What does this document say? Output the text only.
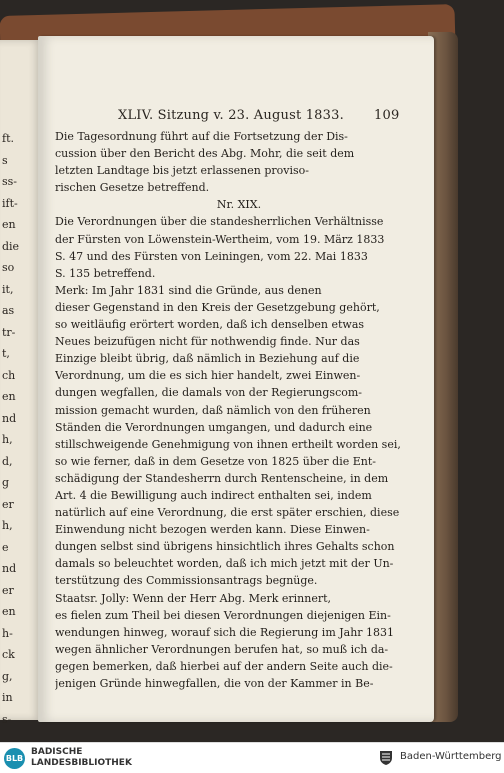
ft.
s
ss-
ift-
en
die
so
it,
as
tr-
t,
ch
en
nd
h,
d,
g
er
h,
e
nd
er
en
h-
ck
g,
in
s-
XLIV. Sitzung v. 23. August 1833. 109
Die Tagesordnung führt auf die Fortsetzung der Dis-
cussion über den Bericht des Abg. Mohr, die seit dem
letzten Landtage bis jetzt erlassenen proviso-
rischen Gesetze betreffend.
Nr. XIX.
Die Verordnungen über die standesherrlichen Verhältnisse
der Fürsten von Löwenstein-Wertheim, vom 19. März 1833
S. 47 und des Fürsten von Leiningen, vom 22. Mai 1833
S. 135 betreffend.
Merk: Im Jahr 1831 sind die Gründe, aus denen
dieser Gegenstand in den Kreis der Gesetzgebung gehört,
so weitläufig erörtert worden, daß ich denselben etwas
Neues beizufügen nicht für nothwendig finde. Nur das
Einzige bleibt übrig, daß nämlich in Beziehung auf die
Verordnung, um die es sich hier handelt, zwei Einwen-
dungen wegfallen, die damals von der Regierungscom-
mission gemacht wurden, daß nämlich von den früheren
Ständen die Verordnungen umgangen, und dadurch eine
stillschweigende Genehmigung von ihnen ertheilt worden sei,
so wie ferner, daß in dem Gesetze von 1825 über die Ent-
schädigung der Standesherrn durch Rentenscheine, in dem
Art. 4 die Bewilligung auch indirect enthalten sei, indem
natürlich auf eine Verordnung, die erst später erschien, diese
Einwendung nicht bezogen werden kann. Diese Einwen-
dungen selbst sind übrigens hinsichtlich ihres Gehalts schon
damals so beleuchtet worden, daß ich mich jetzt mit der Un-
terstützung des Commissionsantrags begnüge.
Staatsr. Jolly: Wenn der Herr Abg. Merk erinnert,
es fielen zum Theil bei diesen Verordnungen diejenigen Ein-
wendungen hinweg, worauf sich die Regierung im Jahr 1831
wegen ähnlicher Verordnungen berufen hat, so muß ich da-
gegen bemerken, daß hierbei auf der andern Seite auch die-
jenigen Gründe hinwegfallen, die von der Kammer in Be-
BLB
BADISCHE
LANDESBIBLIOTHEK
Baden-Württemberg
